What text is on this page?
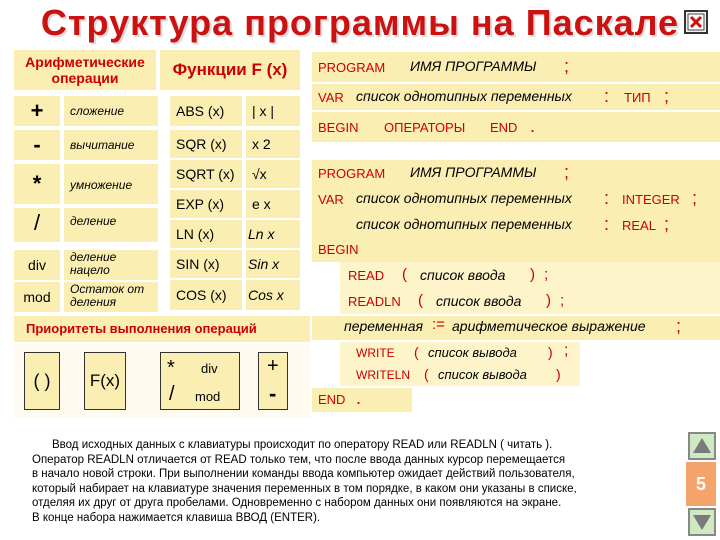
Структура программы на Паскале
Арифметические операции	Функции F (x)
+	сложение
-	вычитание
*	умножение
/	деление
div	деление нацело
mod	Остаток от деления
ABS (x)	| x |
SQR (x)	x 2
SQRT (x)	√x
EXP (x)	e x
LN (x)	Ln x
SIN (x)	Sin x
COS (x)	Cos x
Приоритеты выполнения операций
( )	F(x)
* div
/ mod
+
-
PROGRAM ИМЯ ПРОГРАММЫ ;
VAR список однотипных переменных : ТИП ;
BEGIN ОПЕРАТОРЫ END .
PROGRAM ИМЯ ПРОГРАММЫ ;
VAR список однотипных переменных : INTEGER ;
список однотипных переменных : REAL ;
BEGIN
READ ( список ввода ) ;
READLN ( список ввода ) ;
переменная := арифметическое выражение ;
WRITE ( список вывода ) ;
WRITELN ( список вывода )
END .
Ввод исходных данных с клавиатуры происходит по оператору READ или READLN ( читать ).
Оператор READLN отличается от READ только тем, что после ввода данных курсор перемещается
в начало новой строки. При выполнении команды ввода компьютер ожидает действий пользователя,
который набирает на клавиатуре значения переменных в том порядке, в каком они указаны в списке,
отделяя их друг от друга пробелами. Одновременно с набором данных они появляются на экране.
В конце набора нажимается клавиша ВВОД (ENTER).
5
